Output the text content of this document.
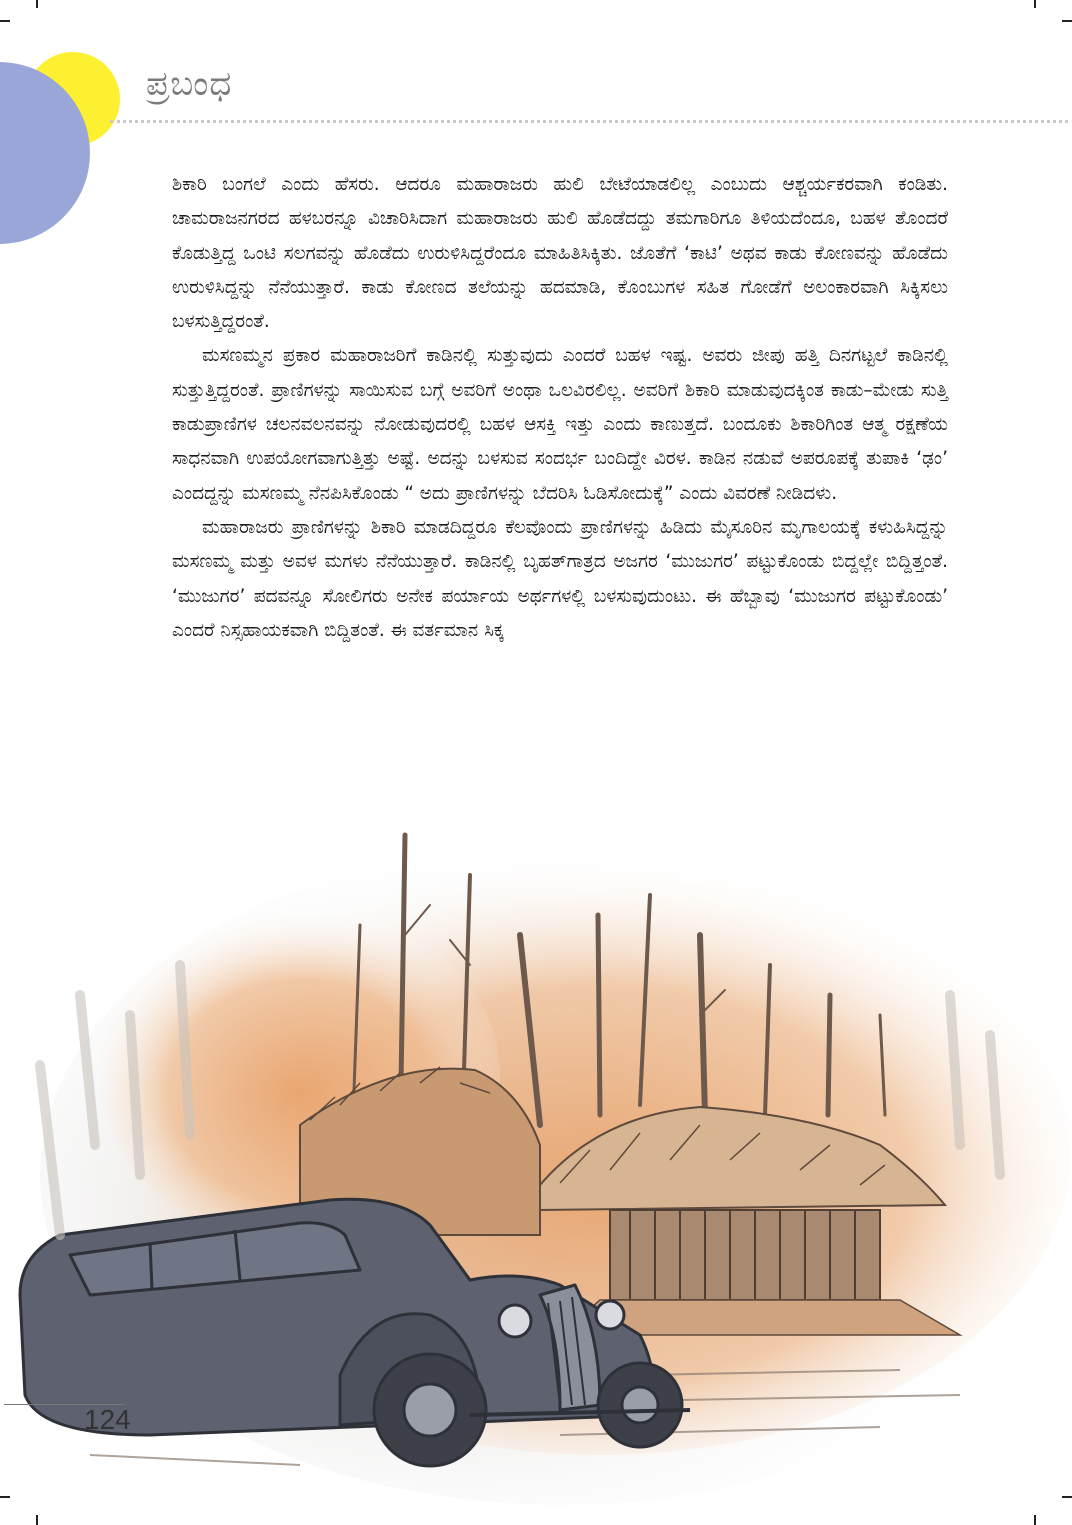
ಪ್ರಬಂಧ

ಶಿಕಾರಿ ಬಂಗಲೆ ಎಂದು ಹೆಸರು. ಆದರೂ ಮಹಾರಾಜರು ಹುಲಿ ಬೇಟೆಯಾಡಲಿಲ್ಲ ಎಂಬುದು ಆಶ್ಚರ್ಯಕರವಾಗಿ ಕಂಡಿತು. ಚಾಮರಾಜನಗರದ ಹಳಬರನ್ನೂ ವಿಚಾರಿಸಿದಾಗ ಮಹಾರಾಜರು ಹುಲಿ ಹೊಡೆದದ್ದು ತಮಗಾರಿಗೂ ತಿಳಿಯದೆಂದೂ, ಬಹಳ ತೊಂದರೆ ಕೊಡುತ್ತಿದ್ದ ಒಂಟಿ ಸಲಗವನ್ನು ಹೊಡೆದು ಉರುಳಿಸಿದ್ದರೆಂದೂ ಮಾಹಿತಿಸಿಕ್ಕಿತು. ಜೊತೆಗೆ ‘ಕಾಟಿ’ ಅಥವ ಕಾಡು ಕೋಣವನ್ನು ಹೊಡೆದು ಉರುಳಿಸಿದ್ದನ್ನು ನೆನೆಯುತ್ತಾರೆ. ಕಾಡು ಕೋಣದ ತಲೆಯನ್ನು ಹದಮಾಡಿ, ಕೊಂಬುಗಳ ಸಹಿತ ಗೋಡೆಗೆ ಅಲಂಕಾರವಾಗಿ ಸಿಕ್ಕಿಸಲು ಬಳಸುತ್ತಿದ್ದರಂತೆ.

ಮಸಣಮ್ಮನ ಪ್ರಕಾರ ಮಹಾರಾಜರಿಗೆ ಕಾಡಿನಲ್ಲಿ ಸುತ್ತುವುದು ಎಂದರೆ ಬಹಳ ಇಷ್ಟ. ಅವರು ಜೀಪು ಹತ್ತಿ ದಿನಗಟ್ಟಲೆ ಕಾಡಿನಲ್ಲಿ ಸುತ್ತುತ್ತಿದ್ದರಂತೆ. ಪ್ರಾಣಿಗಳನ್ನು ಸಾಯಿಸುವ ಬಗ್ಗೆ ಅವರಿಗೆ ಅಂಥಾ ಒಲವಿರಲಿಲ್ಲ. ಅವರಿಗೆ ಶಿಕಾರಿ ಮಾಡುವುದಕ್ಕಿಂತ ಕಾಡು–ಮೇಡು ಸುತ್ತಿ ಕಾಡುಪ್ರಾಣಿಗಳ ಚಲನವಲನವನ್ನು ನೋಡುವುದರಲ್ಲಿ ಬಹಳ ಆಸಕ್ತಿ ಇತ್ತು ಎಂದು ಕಾಣುತ್ತದೆ. ಬಂದೂಕು ಶಿಕಾರಿಗಿಂತ ಆತ್ಮ ರಕ್ಷಣೆಯ ಸಾಧನವಾಗಿ ಉಪಯೋಗವಾಗುತ್ತಿತ್ತು ಅಷ್ಟೆ. ಅದನ್ನು ಬಳಸುವ ಸಂದರ್ಭ ಬಂದಿದ್ದೇ ವಿರಳ. ಕಾಡಿನ ನಡುವೆ ಅಪರೂಪಕ್ಕೆ ತುಪಾಕಿ ‘ಢಂ’ ಎಂದದ್ದನ್ನು ಮಸಣಮ್ಮ ನೆನಪಿಸಿಕೊಂಡು “ ಅದು ಪ್ರಾಣಿಗಳನ್ನು ಬೆದರಿಸಿ ಓಡಿಸೋದುಕ್ಕೆ” ಎಂದು ವಿವರಣೆ ನೀಡಿದಳು.

ಮಹಾರಾಜರು ಪ್ರಾಣಿಗಳನ್ನು ಶಿಕಾರಿ ಮಾಡದಿದ್ದರೂ ಕೆಲವೊಂದು ಪ್ರಾಣಿಗಳನ್ನು ಹಿಡಿದು ಮೈಸೂರಿನ ಮೃಗಾಲಯಕ್ಕೆ ಕಳುಹಿಸಿದ್ದನ್ನು ಮಸಣಮ್ಮ ಮತ್ತು ಅವಳ ಮಗಳು ನೆನೆಯುತ್ತಾರೆ. ಕಾಡಿನಲ್ಲಿ ಬೃಹತ್‌ಗಾತ್ರದ ಅಜಗರ ‘ಮುಜುಗರ’ ಪಟ್ಟುಕೊಂಡು ಬಿದ್ದಲ್ಲೇ ಬಿದ್ದಿತ್ತಂತೆ. ‘ಮುಜುಗರ’ ಪದವನ್ನೂ ಸೋಲಿಗರು ಅನೇಕ ಪರ್ಯಾಯ ಅರ್ಥಗಳಲ್ಲಿ ಬಳಸುವುದುಂಟು. ಈ ಹೆಬ್ಬಾವು ‘ಮುಜುಗರ ಪಟ್ಟುಕೊಂಡು’ ಎಂದರೆ ನಿಸ್ಸಹಾಯಕವಾಗಿ ಬಿದ್ದಿತಂತೆ. ಈ ವರ್ತಮಾನ ಸಿಕ್ಕ

124
